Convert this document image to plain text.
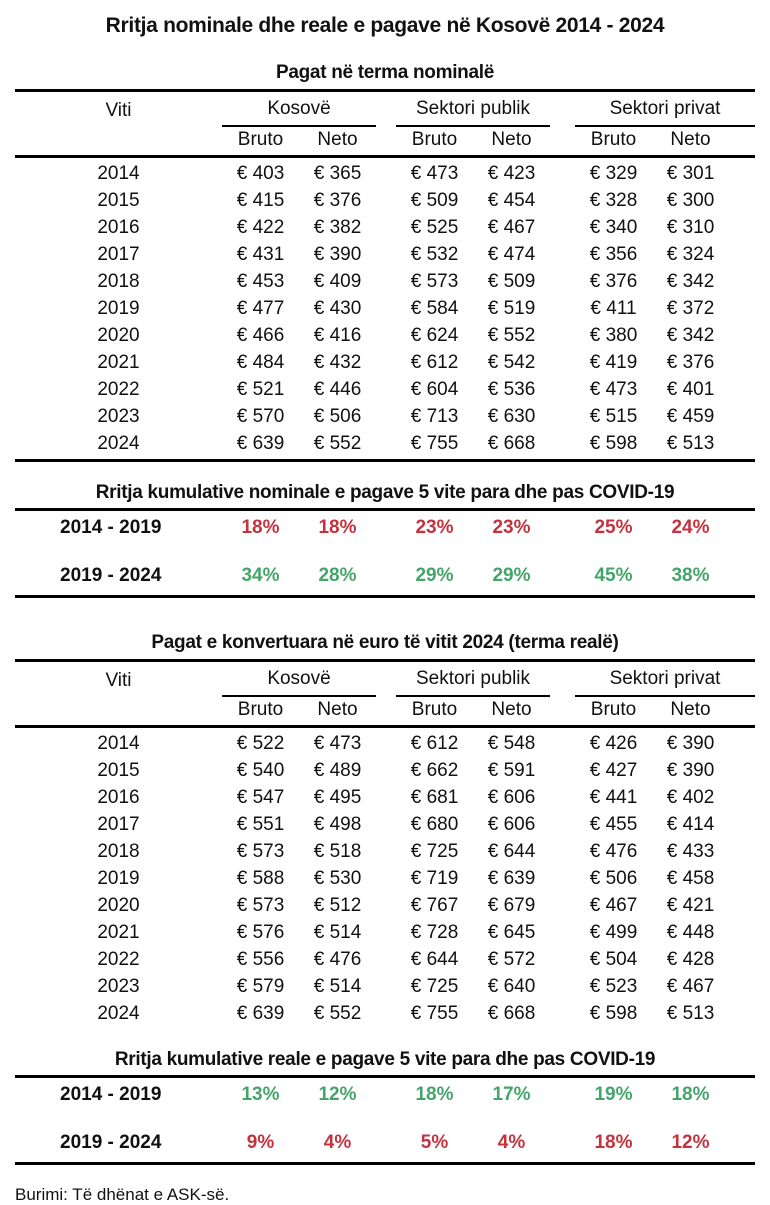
Rritja nominale dhe reale e pagave në Kosovë 2014 - 2024
Pagat në terma nominalë
Viti	Kosovë	Sektori publik	Sektori privat
Bruto	Neto	Bruto	Neto	Bruto	Neto
2014	€ 403	€ 365	€ 473	€ 423	€ 329	€ 301
2015	€ 415	€ 376	€ 509	€ 454	€ 328	€ 300
2016	€ 422	€ 382	€ 525	€ 467	€ 340	€ 310
2017	€ 431	€ 390	€ 532	€ 474	€ 356	€ 324
2018	€ 453	€ 409	€ 573	€ 509	€ 376	€ 342
2019	€ 477	€ 430	€ 584	€ 519	€ 411	€ 372
2020	€ 466	€ 416	€ 624	€ 552	€ 380	€ 342
2021	€ 484	€ 432	€ 612	€ 542	€ 419	€ 376
2022	€ 521	€ 446	€ 604	€ 536	€ 473	€ 401
2023	€ 570	€ 506	€ 713	€ 630	€ 515	€ 459
2024	€ 639	€ 552	€ 755	€ 668	€ 598	€ 513
Rritja kumulative nominale e pagave 5 vite para dhe pas COVID-19
2014 - 2019	18%	18%	23%	23%	25%	24%
2019 - 2024	34%	28%	29%	29%	45%	38%
Pagat e konvertuara në euro të vitit 2024 (terma realë)
Viti	Kosovë	Sektori publik	Sektori privat
Bruto	Neto	Bruto	Neto	Bruto	Neto
2014	€ 522	€ 473	€ 612	€ 548	€ 426	€ 390
2015	€ 540	€ 489	€ 662	€ 591	€ 427	€ 390
2016	€ 547	€ 495	€ 681	€ 606	€ 441	€ 402
2017	€ 551	€ 498	€ 680	€ 606	€ 455	€ 414
2018	€ 573	€ 518	€ 725	€ 644	€ 476	€ 433
2019	€ 588	€ 530	€ 719	€ 639	€ 506	€ 458
2020	€ 573	€ 512	€ 767	€ 679	€ 467	€ 421
2021	€ 576	€ 514	€ 728	€ 645	€ 499	€ 448
2022	€ 556	€ 476	€ 644	€ 572	€ 504	€ 428
2023	€ 579	€ 514	€ 725	€ 640	€ 523	€ 467
2024	€ 639	€ 552	€ 755	€ 668	€ 598	€ 513
Rritja kumulative reale e pagave 5 vite para dhe pas COVID-19
2014 - 2019	13%	12%	18%	17%	19%	18%
2019 - 2024	9%	4%	5%	4%	18%	12%

Burimi: Të dhënat e ASK-së.
